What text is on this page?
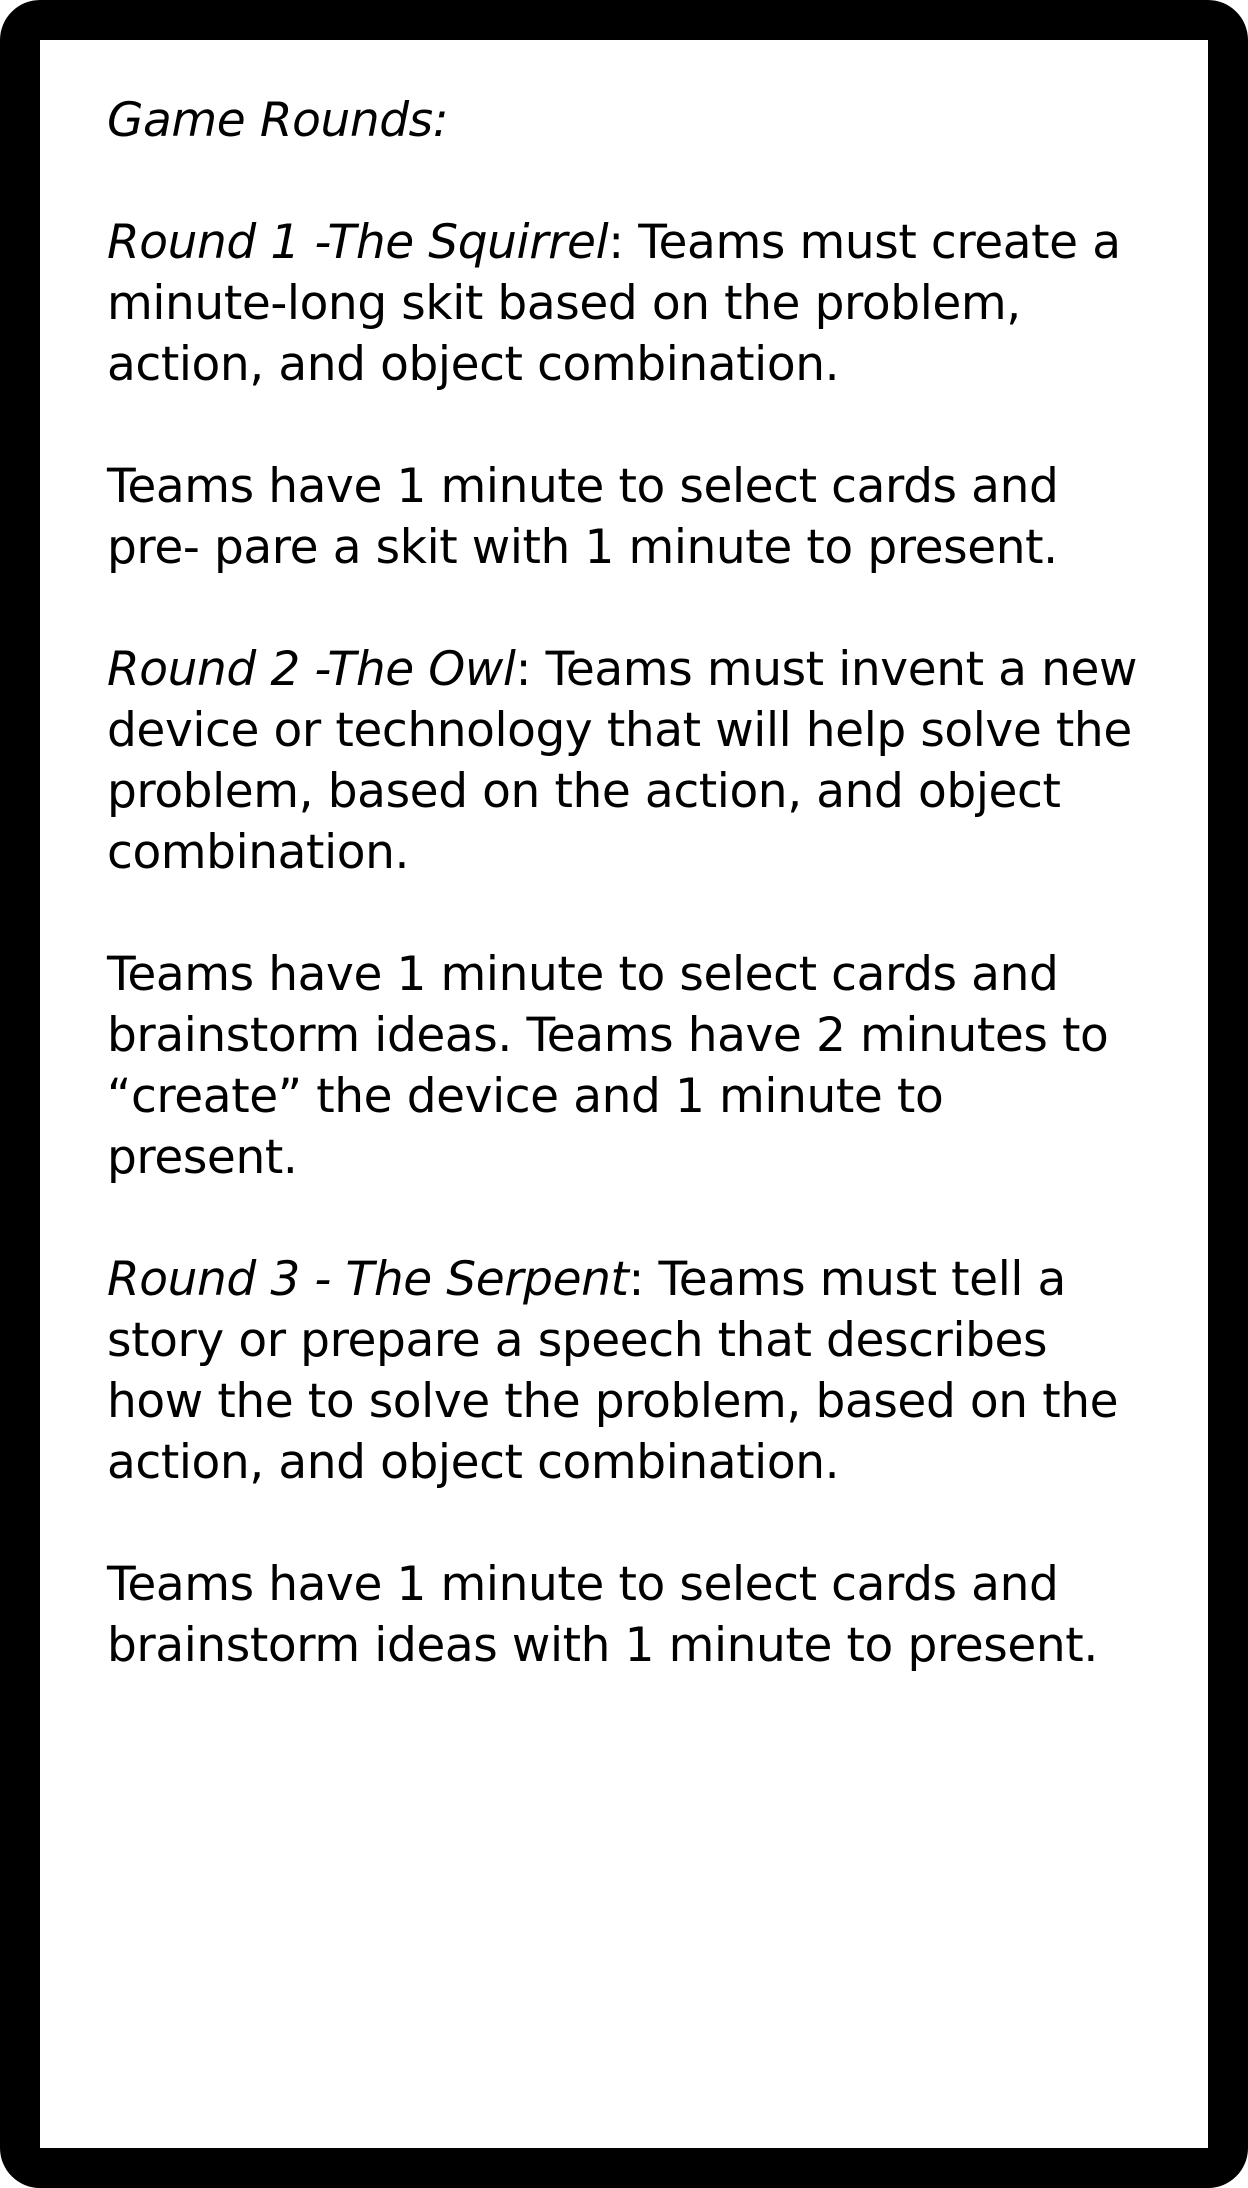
Game Rounds:

Round 1 -The Squirrel: Teams must create a minute-long skit based on the problem, action, and object combination.

Teams have 1 minute to select cards and pre- pare a skit with 1 minute to present.

Round 2 -The Owl: Teams must invent a new device or technology that will help solve the problem, based on the action, and object combination.

Teams have 1 minute to select cards and brainstorm ideas. Teams have 2 minutes to “create” the device and 1 minute to present.

Round 3 - The Serpent: Teams must tell a story or prepare a speech that describes how the to solve the problem, based on the action, and object combination.

Teams have 1 minute to select cards and brainstorm ideas with 1 minute to present.
